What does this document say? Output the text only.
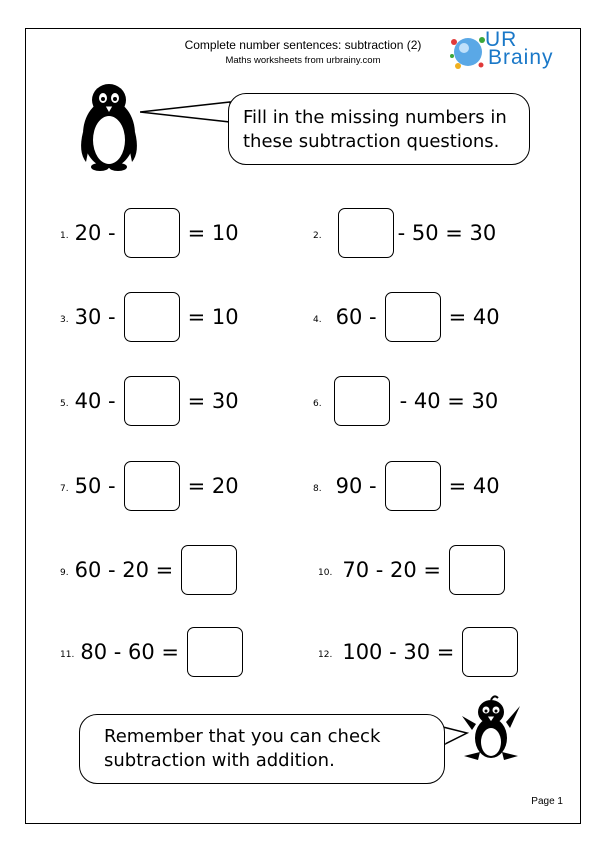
Complete number sentences: subtraction (2)
Maths worksheets from urbrainy.com
UR
Brainy
Fill in the missing numbers in
these subtraction questions.
1. 20 -	= 10	2.	- 50 = 30
3. 30 -	= 10	4. 60 -	= 40
5. 40 -	= 30	6.	- 40 = 30
7. 50 -	= 20	8. 90 -	= 40
9. 60 - 20 =	10. 70 - 20 =
11. 80 - 60 =	12. 100 - 30 =
Remember that you can check
subtraction with addition.
Page 1
